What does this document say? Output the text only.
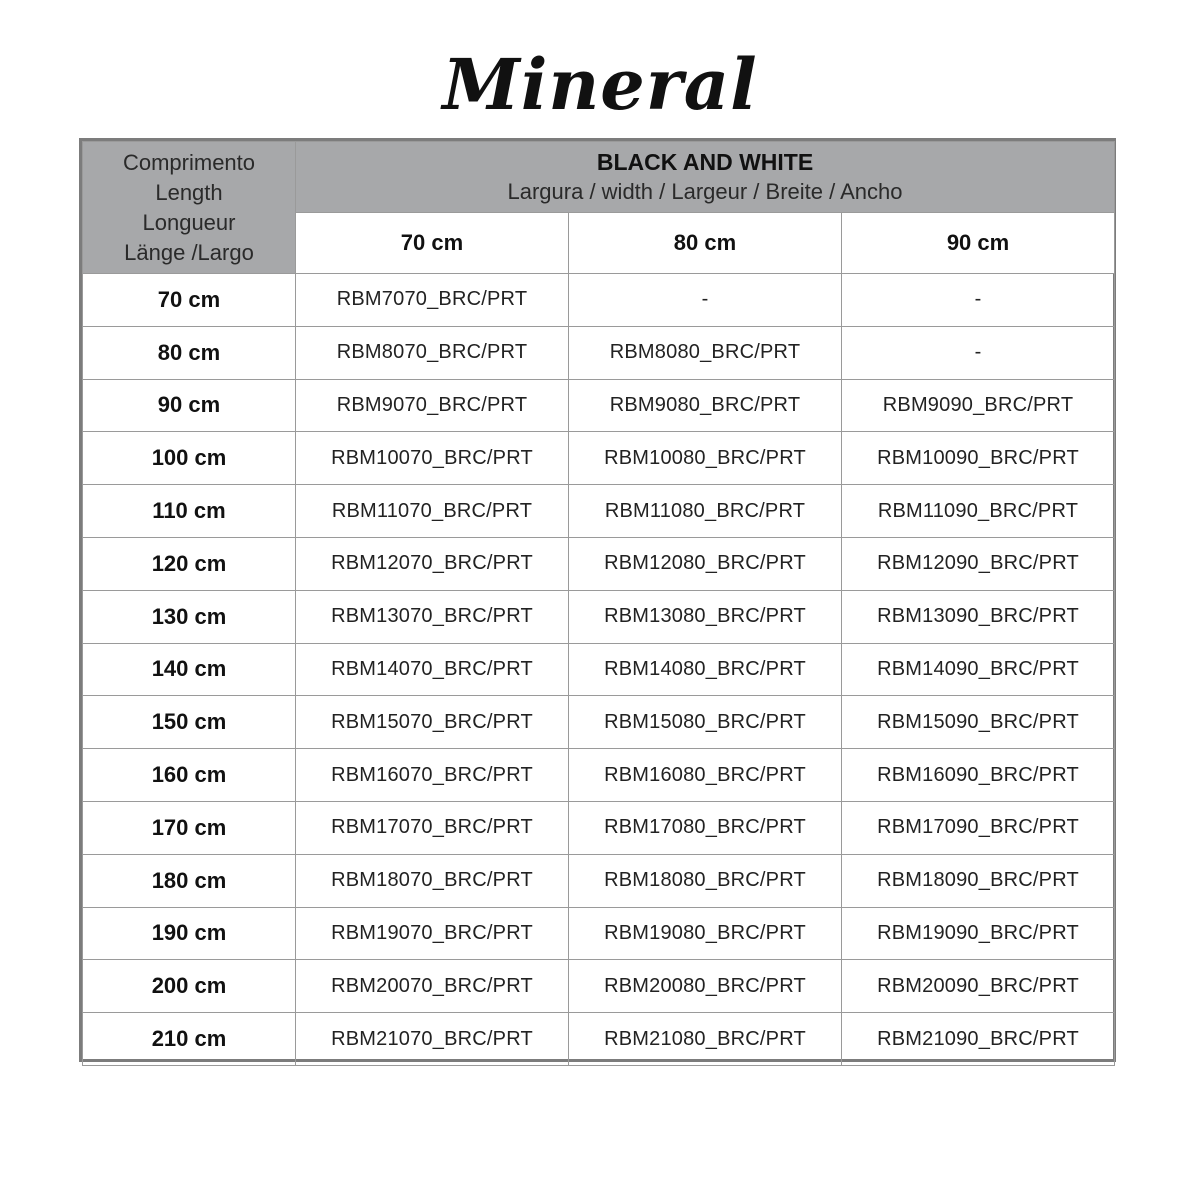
Mineral
Comprimento
Length
Longueur
Länge /Largo	BLACK AND WHITE
Largura / width / Largeur / Breite / Ancho		

	70 cm	80 cm	90 cm
70 cm	RBM7070_BRC/PRT	-	-
80 cm	RBM8070_BRC/PRT	RBM8080_BRC/PRT	-
90 cm	RBM9070_BRC/PRT	RBM9080_BRC/PRT	RBM9090_BRC/PRT
100 cm	RBM10070_BRC/PRT	RBM10080_BRC/PRT	RBM10090_BRC/PRT
110 cm	RBM11070_BRC/PRT	RBM11080_BRC/PRT	RBM11090_BRC/PRT
120 cm	RBM12070_BRC/PRT	RBM12080_BRC/PRT	RBM12090_BRC/PRT
130 cm	RBM13070_BRC/PRT	RBM13080_BRC/PRT	RBM13090_BRC/PRT
140 cm	RBM14070_BRC/PRT	RBM14080_BRC/PRT	RBM14090_BRC/PRT
150 cm	RBM15070_BRC/PRT	RBM15080_BRC/PRT	RBM15090_BRC/PRT
160 cm	RBM16070_BRC/PRT	RBM16080_BRC/PRT	RBM16090_BRC/PRT
170 cm	RBM17070_BRC/PRT	RBM17080_BRC/PRT	RBM17090_BRC/PRT
180 cm	RBM18070_BRC/PRT	RBM18080_BRC/PRT	RBM18090_BRC/PRT
190 cm	RBM19070_BRC/PRT	RBM19080_BRC/PRT	RBM19090_BRC/PRT
200 cm	RBM20070_BRC/PRT	RBM20080_BRC/PRT	RBM20090_BRC/PRT
210 cm	RBM21070_BRC/PRT	RBM21080_BRC/PRT	RBM21090_BRC/PRT
